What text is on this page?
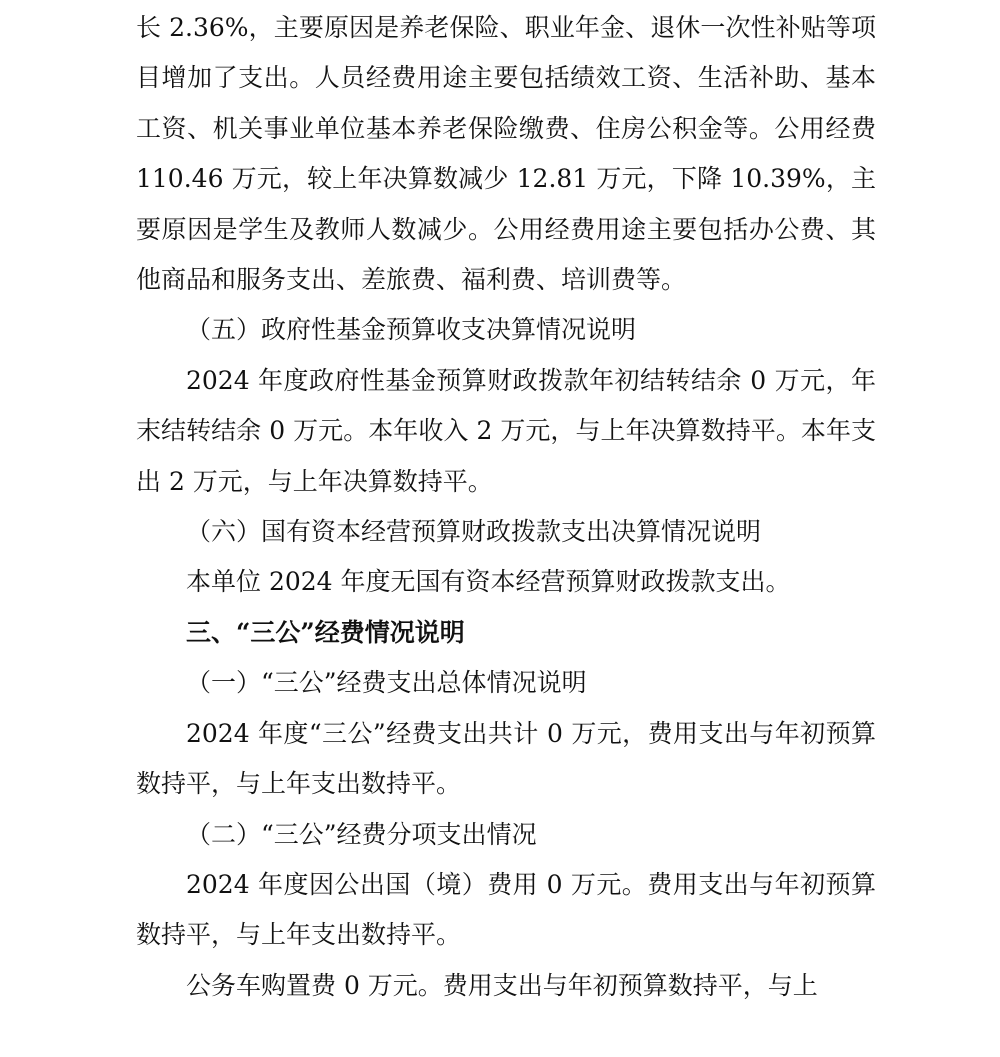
长 2.36%，主要原因是养老保险、职业年金、退休一次性补贴等项目增加了支出。人员经费用途主要包括绩效工资、生活补助、基本工资、机关事业单位基本养老保险缴费、住房公积金等。公用经费 110.46 万元，较上年决算数减少 12.81 万元，下降 10.39%，主要原因是学生及教师人数减少。公用经费用途主要包括办公费、其他商品和服务支出、差旅费、福利费、培训费等。

（五）政府性基金预算收支决算情况说明

2024 年度政府性基金预算财政拨款年初结转结余 0 万元，年末结转结余 0 万元。本年收入 2 万元，与上年决算数持平。本年支出 2 万元，与上年决算数持平。

（六）国有资本经营预算财政拨款支出决算情况说明

本单位 2024 年度无国有资本经营预算财政拨款支出。

三、“三公”经费情况说明

（一）“三公”经费支出总体情况说明

2024 年度“三公”经费支出共计 0 万元，费用支出与年初预算数持平，与上年支出数持平。

（二）“三公”经费分项支出情况

2024 年度因公出国（境）费用 0 万元。费用支出与年初预算数持平，与上年支出数持平。

公务车购置费 0 万元。费用支出与年初预算数持平，与上
